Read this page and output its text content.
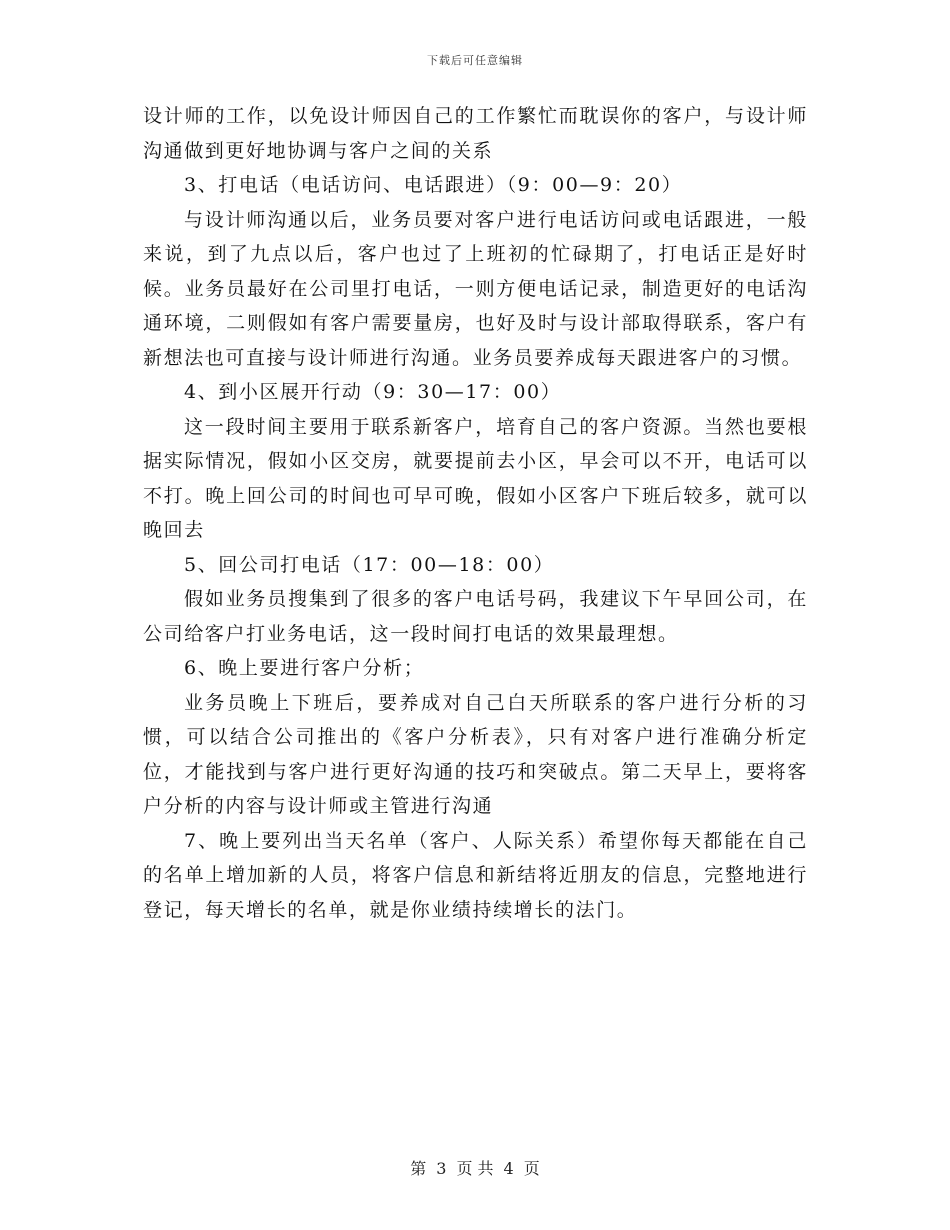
下载后可任意编辑

设计师的工作，以免设计师因自己的工作繁忙而耽误你的客户，与设计师沟通做到更好地协调与客户之间的关系

3、打电话（电话访问、电话跟进）（9：00—9：20）

与设计师沟通以后，业务员要对客户进行电话访问或电话跟进，一般来说，到了九点以后，客户也过了上班初的忙碌期了，打电话正是好时候。业务员最好在公司里打电话，一则方便电话记录，制造更好的电话沟通环境，二则假如有客户需要量房，也好及时与设计部取得联系，客户有新想法也可直接与设计师进行沟通。业务员要养成每天跟进客户的习惯。

4、到小区展开行动（9：30—17：00）

这一段时间主要用于联系新客户，培育自己的客户资源。当然也要根据实际情况，假如小区交房，就要提前去小区，早会可以不开，电话可以不打。晚上回公司的时间也可早可晚，假如小区客户下班后较多，就可以晚回去

5、回公司打电话（17：00—18：00）

假如业务员搜集到了很多的客户电话号码，我建议下午早回公司，在公司给客户打业务电话，这一段时间打电话的效果最理想。

6、晚上要进行客户分析；

业务员晚上下班后，要养成对自己白天所联系的客户进行分析的习惯，可以结合公司推出的《客户分析表》，只有对客户进行准确分析定位，才能找到与客户进行更好沟通的技巧和突破点。第二天早上，要将客户分析的内容与设计师或主管进行沟通

7、晚上要列出当天名单（客户、人际关系）希望你每天都能在自己的名单上增加新的人员，将客户信息和新结将近朋友的信息，完整地进行登记，每天增长的名单，就是你业绩持续增长的法门。

第 3 页 共 4 页
